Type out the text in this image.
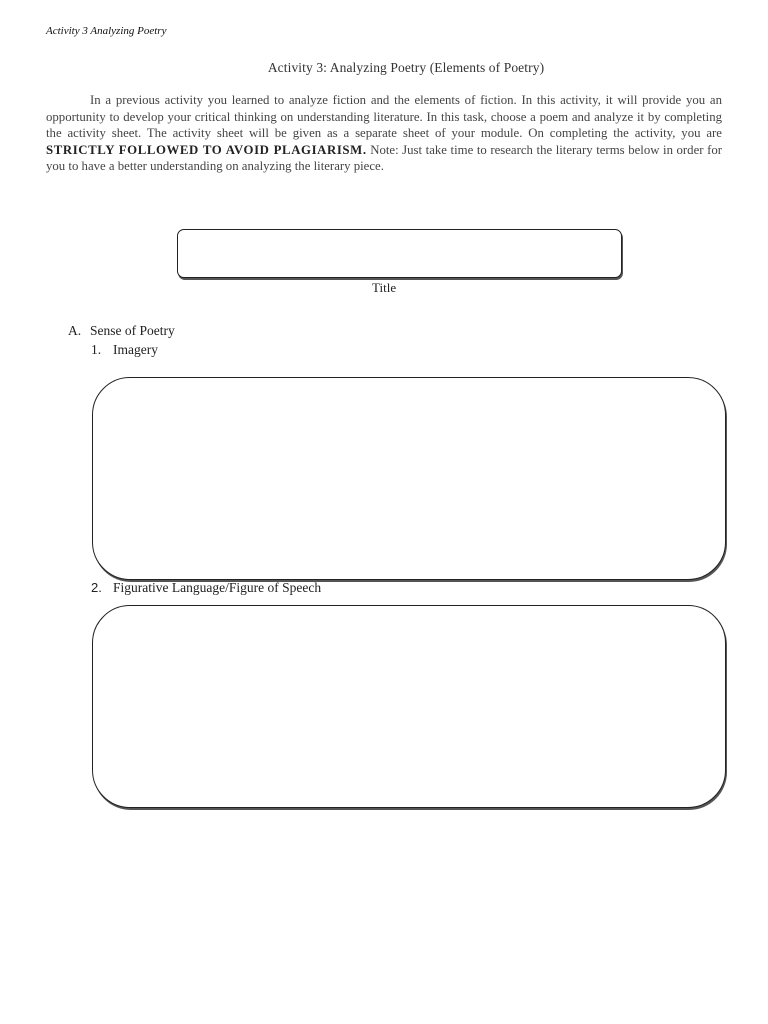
Activity 3 Analyzing Poetry
Activity 3: Analyzing Poetry (Elements of Poetry)

In a previous activity you learned to analyze fiction and the elements of fiction. In this activity, it will provide you an opportunity to develop your critical thinking on understanding literature. In this task, choose a poem and analyze it by completing the activity sheet. The activity sheet will be given as a separate sheet of your module. On completing the activity, you are STRICTLY FOLLOWED TO AVOID PLAGIARISM. Note: Just take time to research the literary terms below in order for you to have a better understanding on analyzing the literary piece.

Title
A. Sense of Poetry
1. Imagery
2. Figurative Language/Figure of Speech
